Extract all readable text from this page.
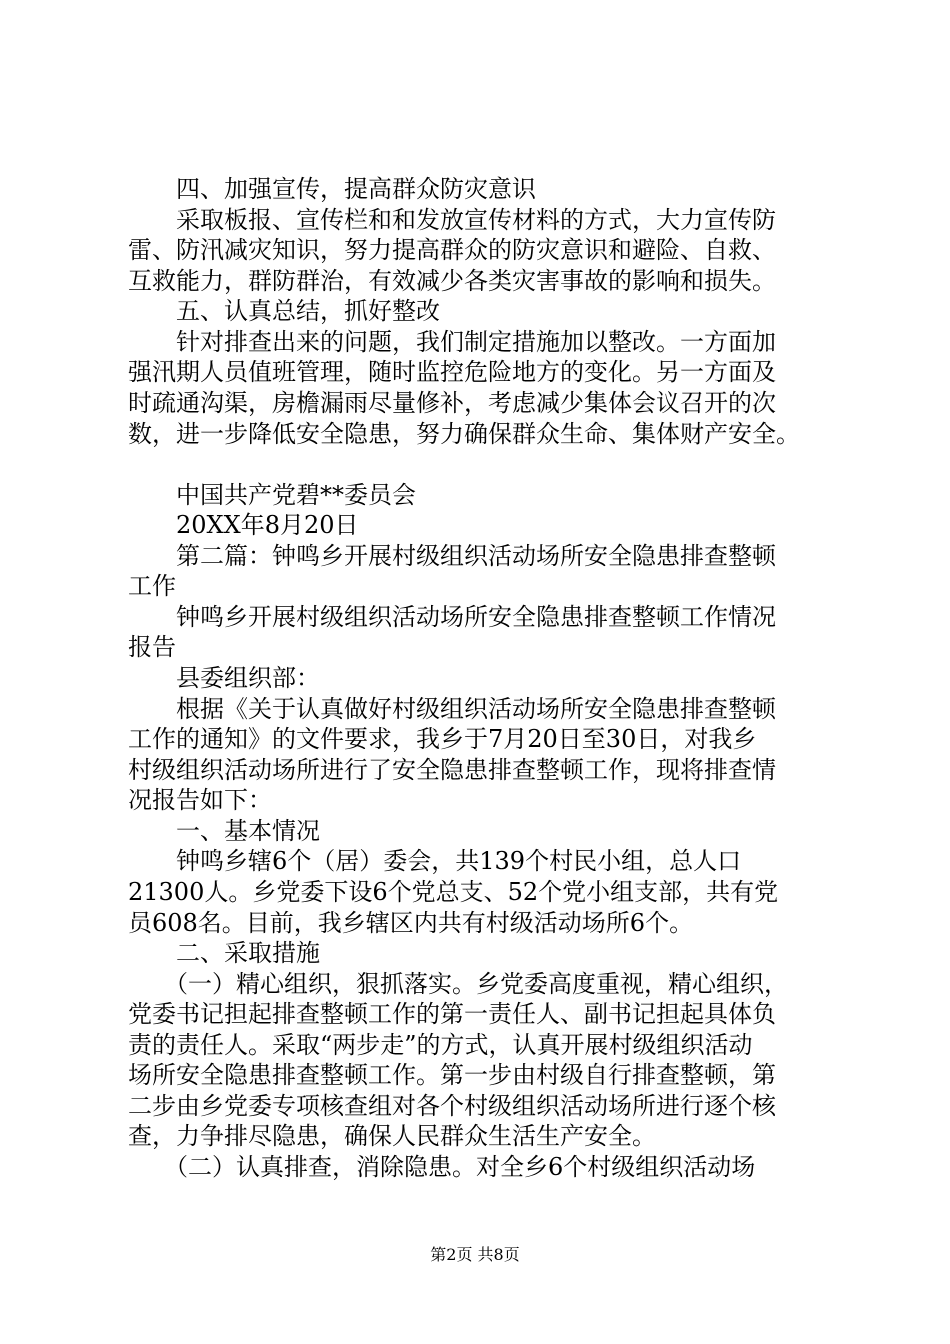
　　四、加强宣传，提高群众防灾意识
　　采取板报、宣传栏和和发放宣传材料的方式，大力宣传防
雷、防汛减灾知识，努力提高群众的防灾意识和避险、自救、
互救能力，群防群治，有效减少各类灾害事故的影响和损失。
　　五、认真总结，抓好整改
　　针对排查出来的问题，我们制定措施加以整改。一方面加
强汛期人员值班管理，随时监控危险地方的变化。另一方面及
时疏通沟渠，房檐漏雨尽量修补，考虑减少集体会议召开的次
数，进一步降低安全隐患，努力确保群众生命、集体财产安全。
　　中国共产党碧**委员会
　　20XX年8月20日
　　第二篇：钟鸣乡开展村级组织活动场所安全隐患排查整顿
工作
　　钟鸣乡开展村级组织活动场所安全隐患排查整顿工作情况
报告
　　县委组织部：
　　根据《关于认真做好村级组织活动场所安全隐患排查整顿
工作的通知》的文件要求，我乡于7月20日至30日，对我乡
村级组织活动场所进行了安全隐患排查整顿工作，现将排查情
况报告如下：
　　一、基本情况
　　钟鸣乡辖6个（居）委会，共139个村民小组，总人口
21300人。乡党委下设6个党总支、52个党小组支部，共有党
员608名。目前，我乡辖区内共有村级活动场所6个。
　　二、采取措施
　　（一）精心组织，狠抓落实。乡党委高度重视，精心组织，
党委书记担起排查整顿工作的第一责任人、副书记担起具体负
责的责任人。采取“两步走”的方式，认真开展村级组织活动
场所安全隐患排查整顿工作。第一步由村级自行排查整顿，第
二步由乡党委专项核查组对各个村级组织活动场所进行逐个核
查，力争排尽隐患，确保人民群众生活生产安全。
　　（二）认真排查，消除隐患。对全乡6个村级组织活动场
第2页 共8页
